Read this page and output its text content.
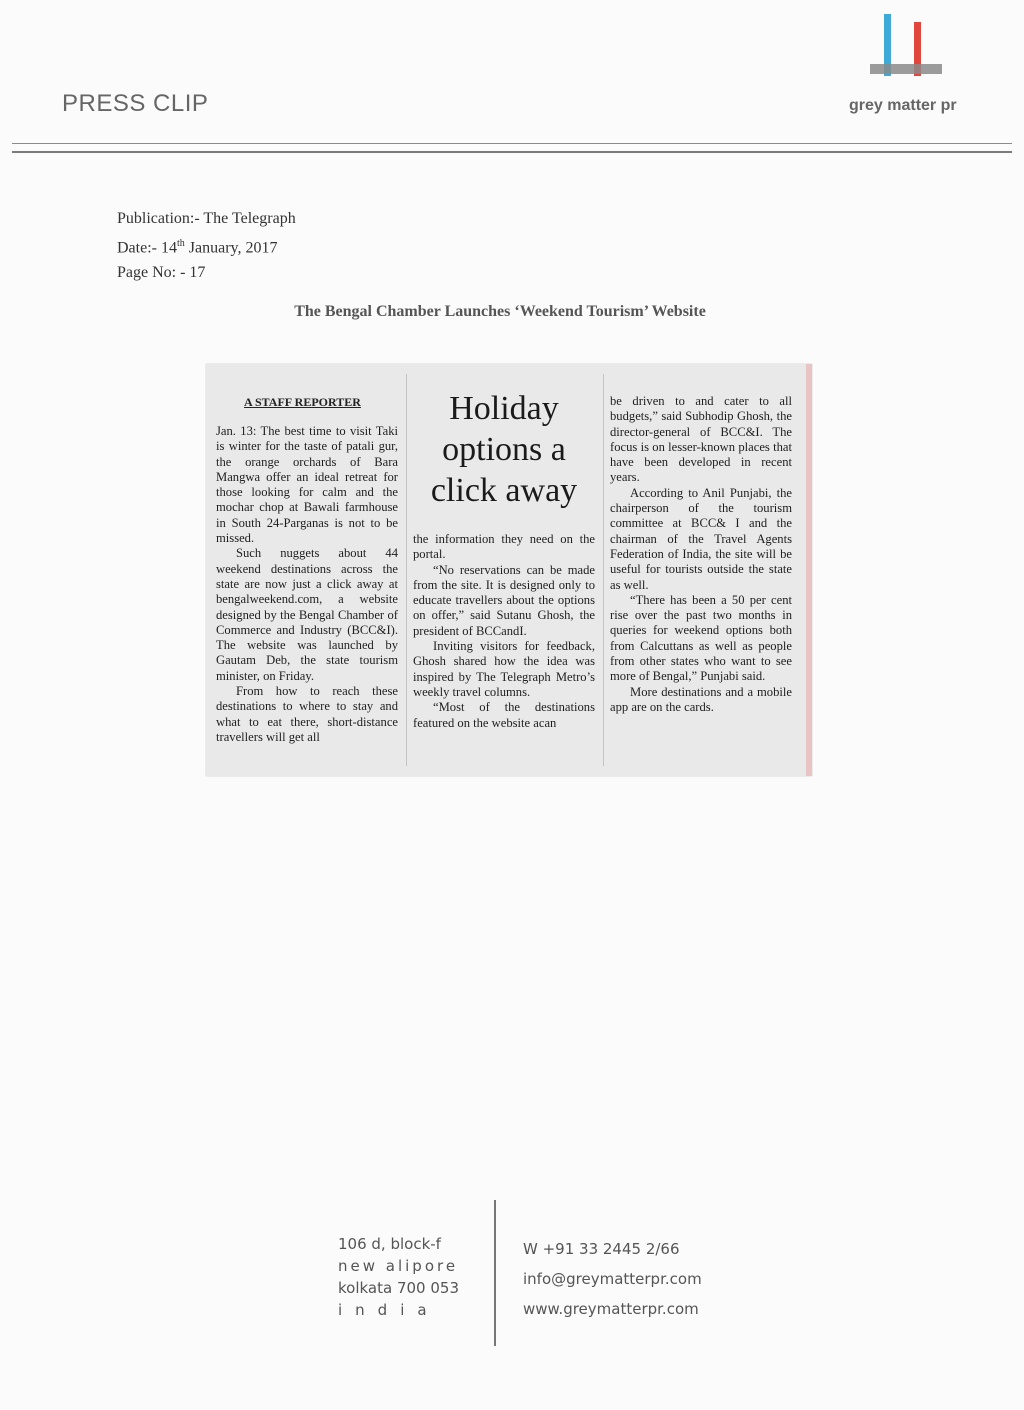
PRESS CLIP	grey matter pr
Publication:- The Telegraph
Date:- 14th January, 2017
Page No: - 17
The Bengal Chamber Launches ‘Weekend Tourism’ Website
A STAFF REPORTER

Jan. 13: The best time to visit Taki is winter for the taste of patali gur, the orange orchards of Bara Mangwa offer an ideal retreat for those looking for calm and the mochar chop at Bawali farmhouse in South 24-Parganas is not to be missed.

Such nuggets about 44 weekend destinations across the state are now just a click away at bengalweekend.com, a website designed by the Bengal Chamber of Commerce and Industry (BCC&I). The website was launched by Gautam Deb, the state tourism minister, on Friday.

From how to reach these destinations to where to stay and what to eat there, short-distance travellers will get all

Holiday
options a
click away

the information they need on the portal.

“No reservations can be made from the site. It is designed only to educate travellers about the options on offer,” said Sutanu Ghosh, the president of BCCandI.

Inviting visitors for feedback, Ghosh shared how the idea was inspired by The Telegraph Metro’s weekly travel columns.

“Most of the destinations featured on the website acan

be driven to and cater to all budgets,” said Subhodip Ghosh, the director-general of BCC&I. The focus is on lesser-known places that have been developed in recent years.

According to Anil Punjabi, the chairperson of the tourism committee at BCC& I and the chairman of the Travel Agents Federation of India, the site will be useful for tourists outside the state as well.

“There has been a 50 per cent rise over the past two months in queries for weekend options both from Calcuttans as well as people from other states who want to see more of Bengal,” Punjabi said.

More destinations and a mobile app are on the cards.

106 d, block-f
new alipore
kolkata 700 053
india
W +91 33 2445 2/66
info@greymatterpr.com
www.greymatterpr.com
